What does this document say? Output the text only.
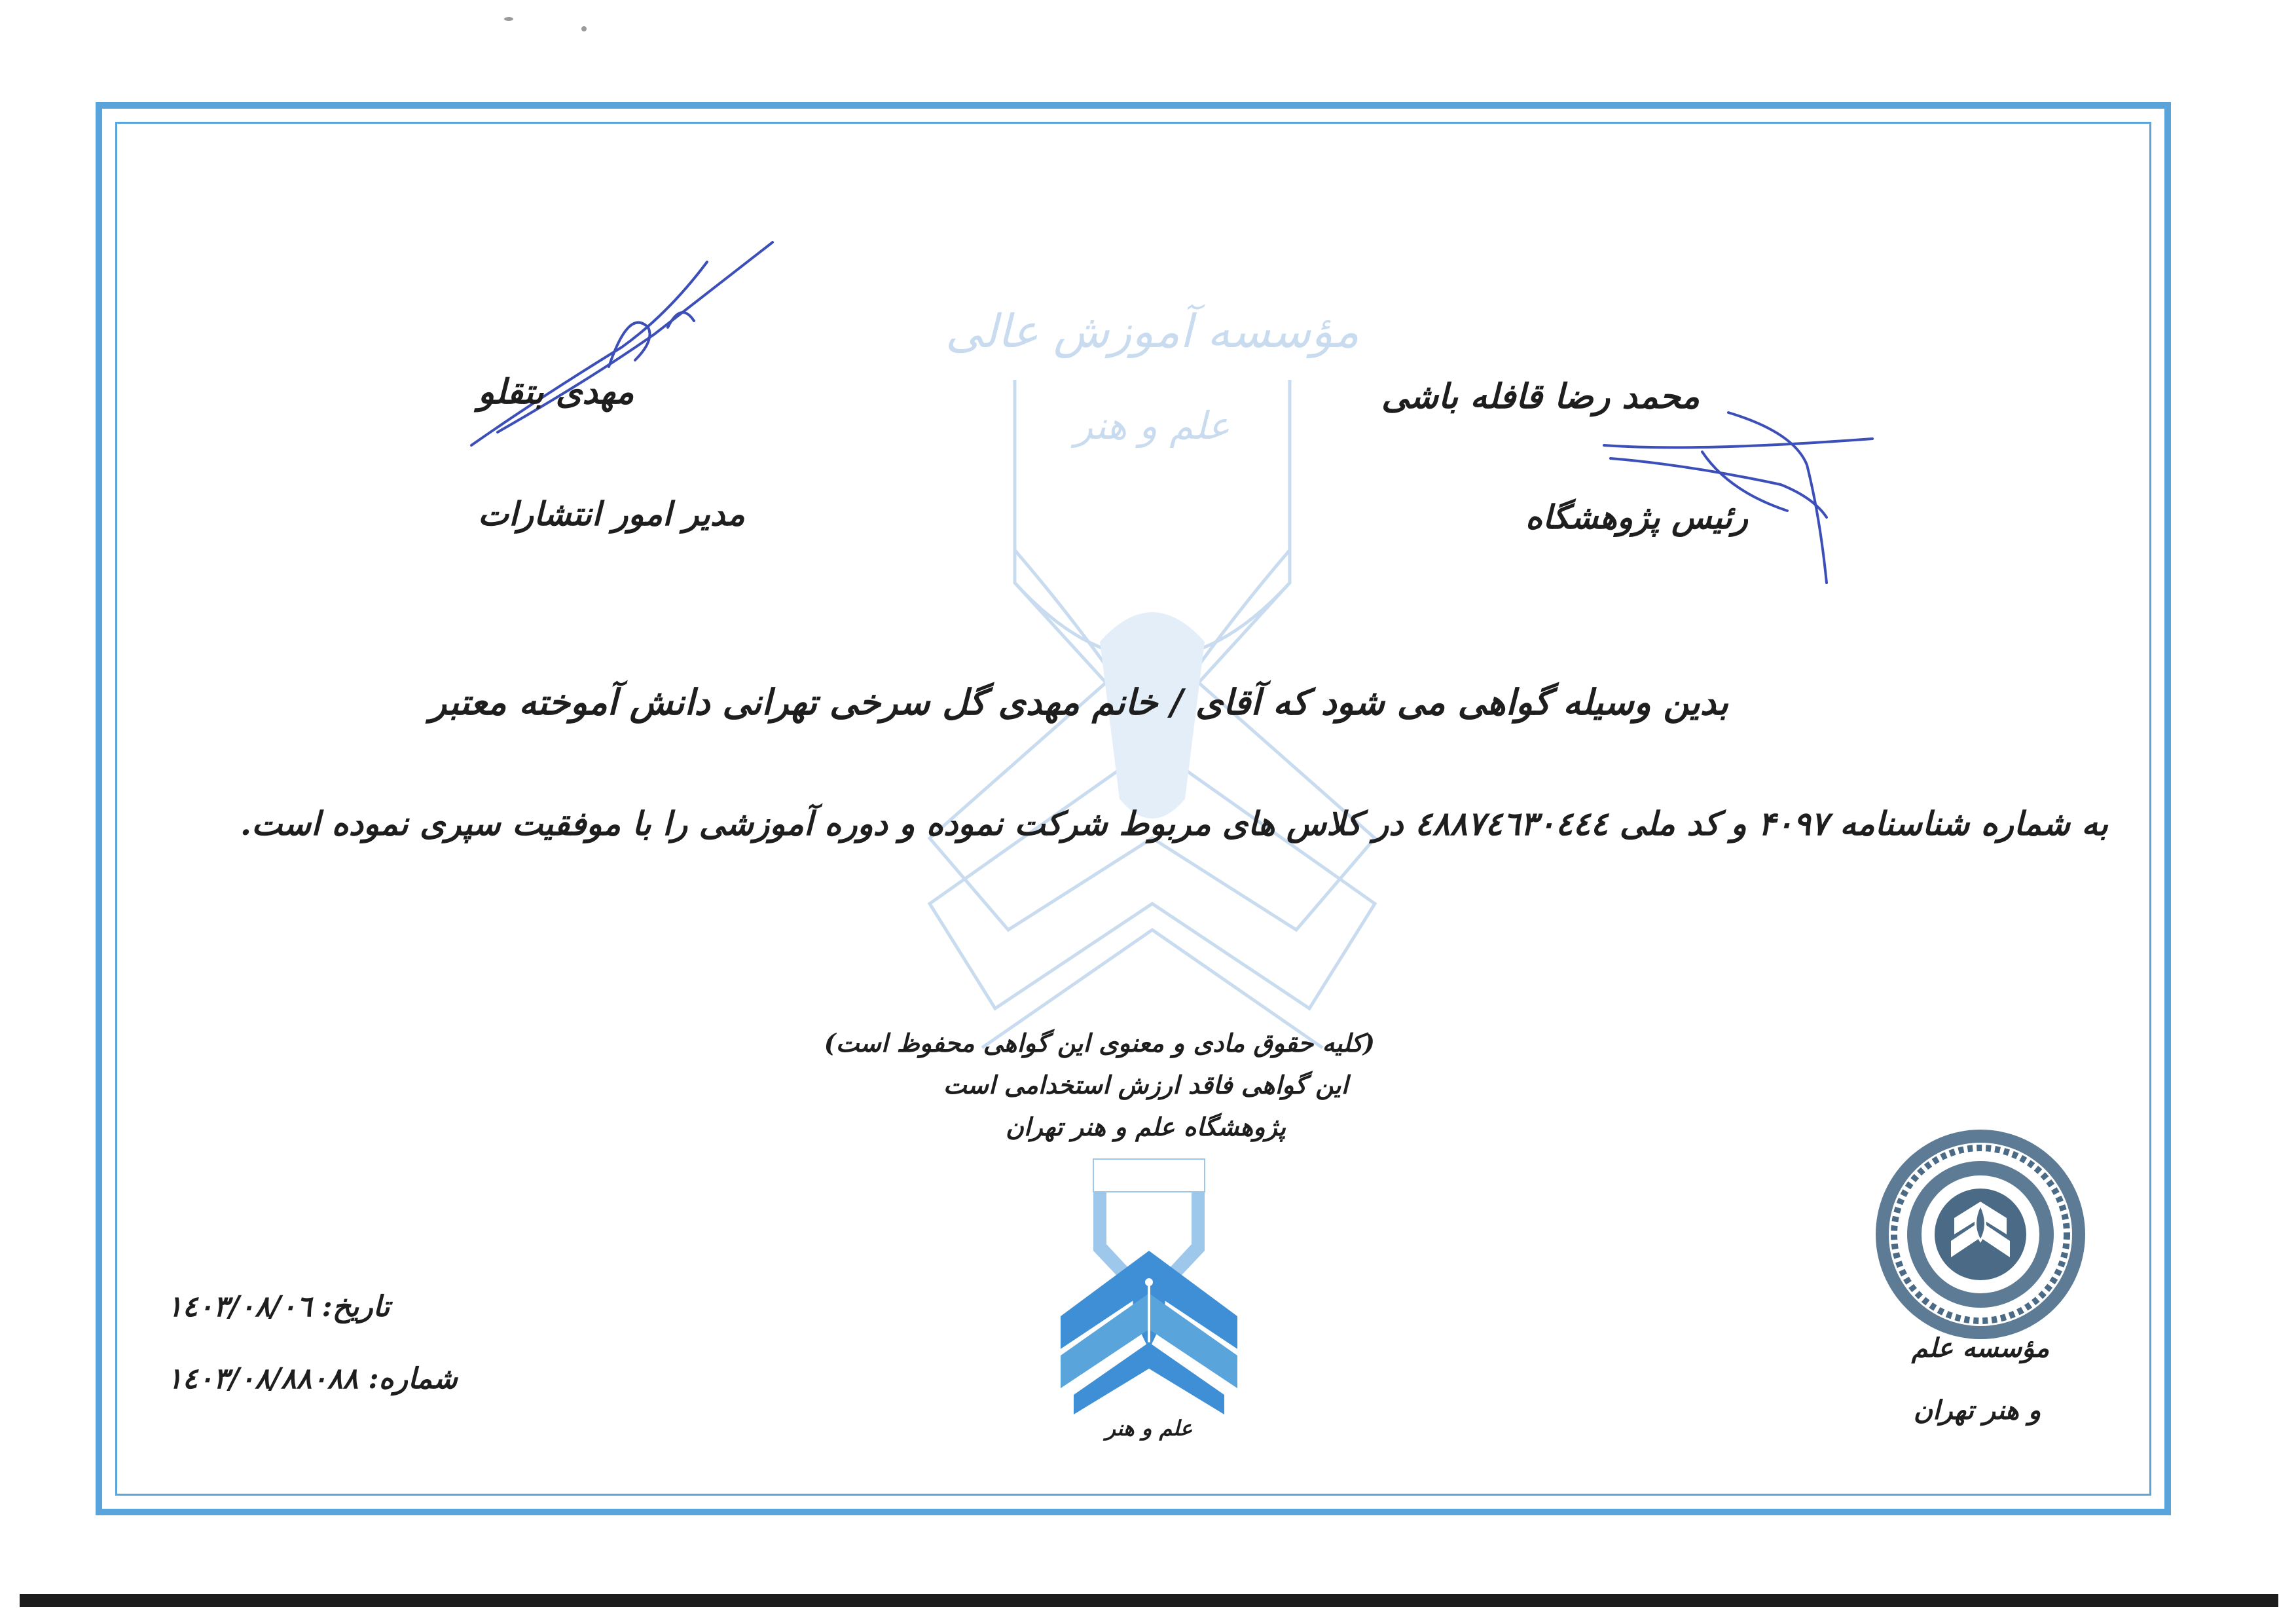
ﻣﺆﺳﺴﻪ آﻣﻮزش ﻋﺎﻟﯽ
ﻋﻠﻢ و ﻫﻨﺮ
ﻣﻬﺪی ﺑﺘﻘﻠﻮ
ﻣﺪﯾﺮ اﻣﻮر اﻧﺘﺸﺎرات
ﻣﺤﻤﺪ رﺿﺎ ﻗﺎﻓﻠﻪ ﺑﺎﺷﯽ
رﺋﯿﺲ ﭘﮋوﻫﺸﮕﺎه
ﺑﺪﯾﻦ وﺳﯿﻠﻪ ﮔﻮاﻫﯽ ﻣﯽ ﺷﻮد ﮐﻪ آﻗﺎی / ﺧﺎﻧﻢ ﻣﻬﺪی ﮔﻞ ﺳﺮﺧﯽ ﺗﻬﺮاﻧﯽ داﻧﺶ آﻣﻮﺧﺘﻪ ﻣﻌﺘﺒﺮ
ﺑﻪ ﺷﻤﺎره ﺷﻨﺎﺳﻨﺎﻣﻪ ۴۰۹۷ و ﮐﺪ ﻣﻠﯽ ٤٨٨٧٤٦٣٠٤٤٤ در ﮐﻼس ﻫﺎی ﻣﺮﺑﻮط ﺷﺮﮐﺖ ﻧﻤﻮده و دوره آﻣﻮزﺷﯽ را ﺑﺎ ﻣﻮﻓﻘﯿﺖ ﺳﭙﺮی ﻧﻤﻮده اﺳﺖ.
(ﮐﻠﯿﻪ ﺣﻘﻮق ﻣﺎدی و ﻣﻌﻨﻮی اﯾﻦ ﮔﻮاﻫﯽ ﻣﺤﻔﻮظ اﺳﺖ)
اﯾﻦ ﮔﻮاﻫﯽ ﻓﺎﻗﺪ ارزش اﺳﺘﺨﺪاﻣﯽ اﺳﺖ
ﭘﮋوﻫﺸﮕﺎه ﻋﻠﻢ و ﻫﻨﺮ ﺗﻬﺮان
ﻋﻠﻢ و ﻫﻨﺮ
ﺗﺎرﯾﺦ: ١٤٠٣/٠٨/٠٦
ﺷﻤﺎره: ١٤٠٣/٠٨/٨٨٠٨٨
ﻣﺆﺳﺴﻪ ﻋﻠﻢ
و ﻫﻨﺮ ﺗﻬﺮان
